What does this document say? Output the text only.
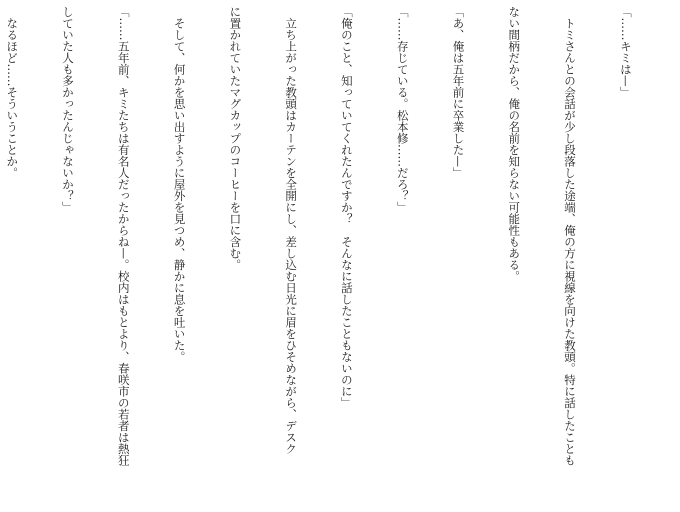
「……キミは—」

　トミさんとの会話が少し段落した途端、俺の方に視線を向けた教頭。特に話したことも

ない間柄だから、俺の名前を知らない可能性もある。

「あ、俺は五年前に卒業した—」

「……存じている。松本修……だろ？」

「俺のこと、知っていてくれたんですか？　そんなに話したこともないのに」

　立ち上がった教頭はカーテンを全開にし、差し込む日光に眉をひそめながら、デスク

に置かれていたマグカップのコーヒーを口に含む。

　そして、何かを思い出すように屋外を見つめ、静かに息を吐いた。

「……五年前、キミたちは有名人だったからね—。校内はもとより、春咲市の若者は熱狂

していた人も多かったんじゃないか？」

　なるほど……そういうことか。
